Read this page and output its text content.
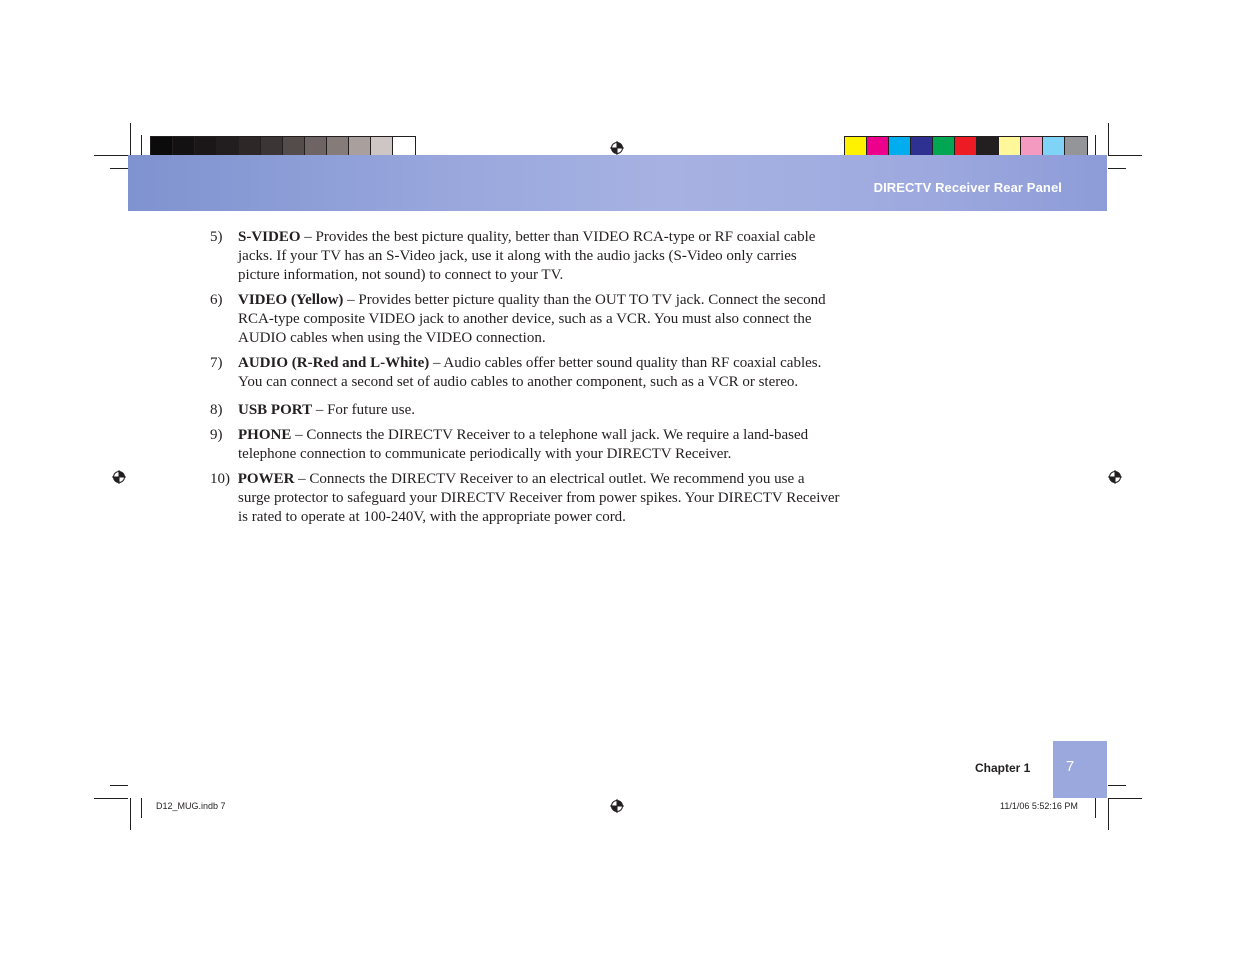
DIRECTV Receiver Rear Panel
5) S-VIDEO – Provides the best picture quality, better than VIDEO RCA-type or RF coaxial cable jacks. If your TV has an S-Video jack, use it along with the audio jacks (S-Video only carries picture information, not sound) to connect to your TV.
6) VIDEO (Yellow) – Provides better picture quality than the OUT TO TV jack. Connect the second RCA-type composite VIDEO jack to another device, such as a VCR. You must also connect the AUDIO cables when using the VIDEO connection.
7) AUDIO (R-Red and L-White) – Audio cables offer better sound quality than RF coaxial cables. You can connect a second set of audio cables to another component, such as a VCR or stereo.
8) USB PORT – For future use.
9) PHONE – Connects the DIRECTV Receiver to a telephone wall jack. We require a land-based telephone connection to communicate periodically with your DIRECTV Receiver.
10) POWER – Connects the DIRECTV Receiver to an electrical outlet. We recommend you use a surge protector to safeguard your DIRECTV Receiver from power spikes. Your DIRECTV Receiver is rated to operate at 100-240V, with the appropriate power cord.
Chapter 1	7
D12_MUG.indb 7	11/1/06 5:52:16 PM
